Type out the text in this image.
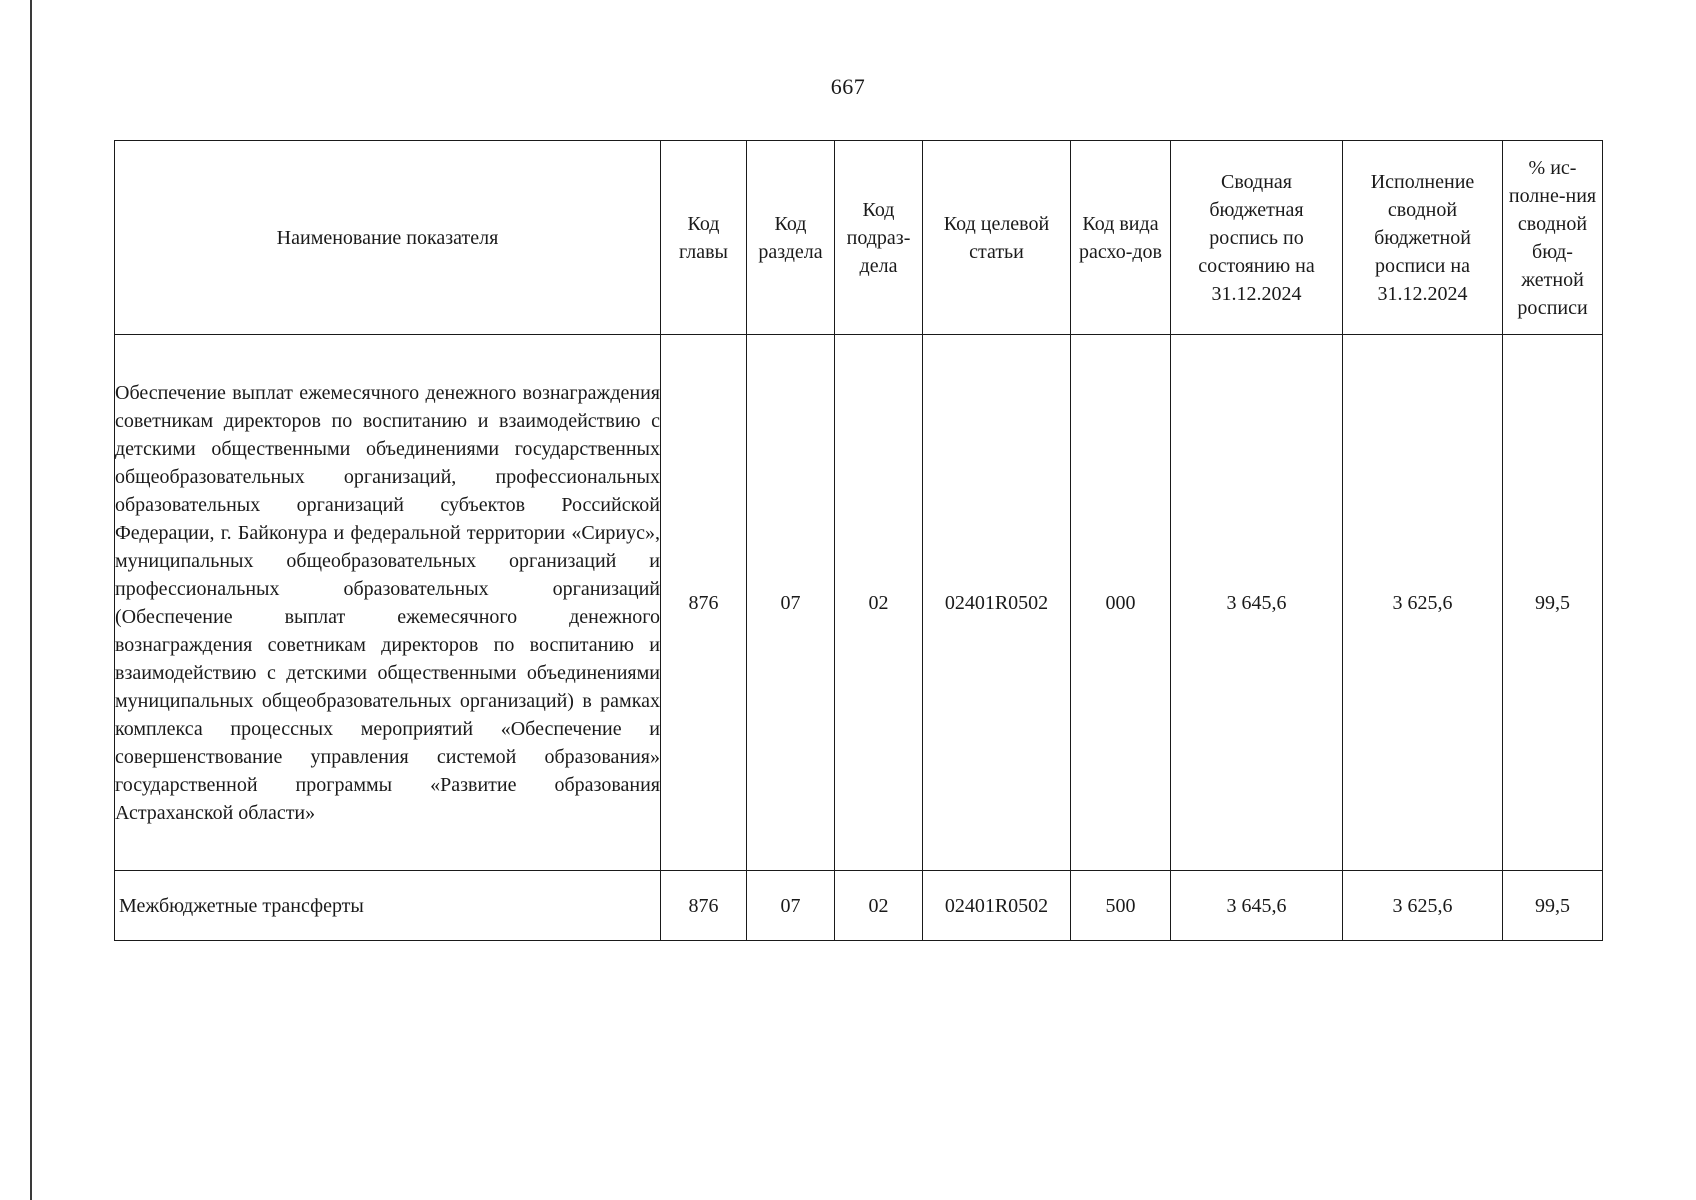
667
Наименование показателя	Код главы	Код раздела	Код подраз-дела	Код целевой статьи	Код вида расхо-дов	Сводная бюджетная роспись по состоянию на 31.12.2024	Исполнение сводной бюджетной росписи на 31.12.2024	% ис-полне-ния сводной бюд-жетной росписи
Обеспечение выплат ежемесячного денежного вознаграждения советникам директоров по воспитанию и взаимодействию с детскими общественными объединениями государственных общеобразовательных организаций, профессиональных образовательных организаций субъектов Российской Федерации, г. Байконура и федеральной территории «Сириус», муниципальных общеобразовательных организаций и профессиональных образовательных организаций (Обеспечение выплат ежемесячного денежного вознаграждения советникам директоров по воспитанию и взаимодействию с детскими общественными объединениями муниципальных общеобразовательных организаций) в рамках комплекса процессных мероприятий «Обеспечение и совершенствование управления системой образования» государственной программы «Развитие образования Астраханской области»	876	07	02	02401R0502	000	3 645,6	3 625,6	99,5
Межбюджетные трансферты	876	07	02	02401R0502	500	3 645,6	3 625,6	99,5
